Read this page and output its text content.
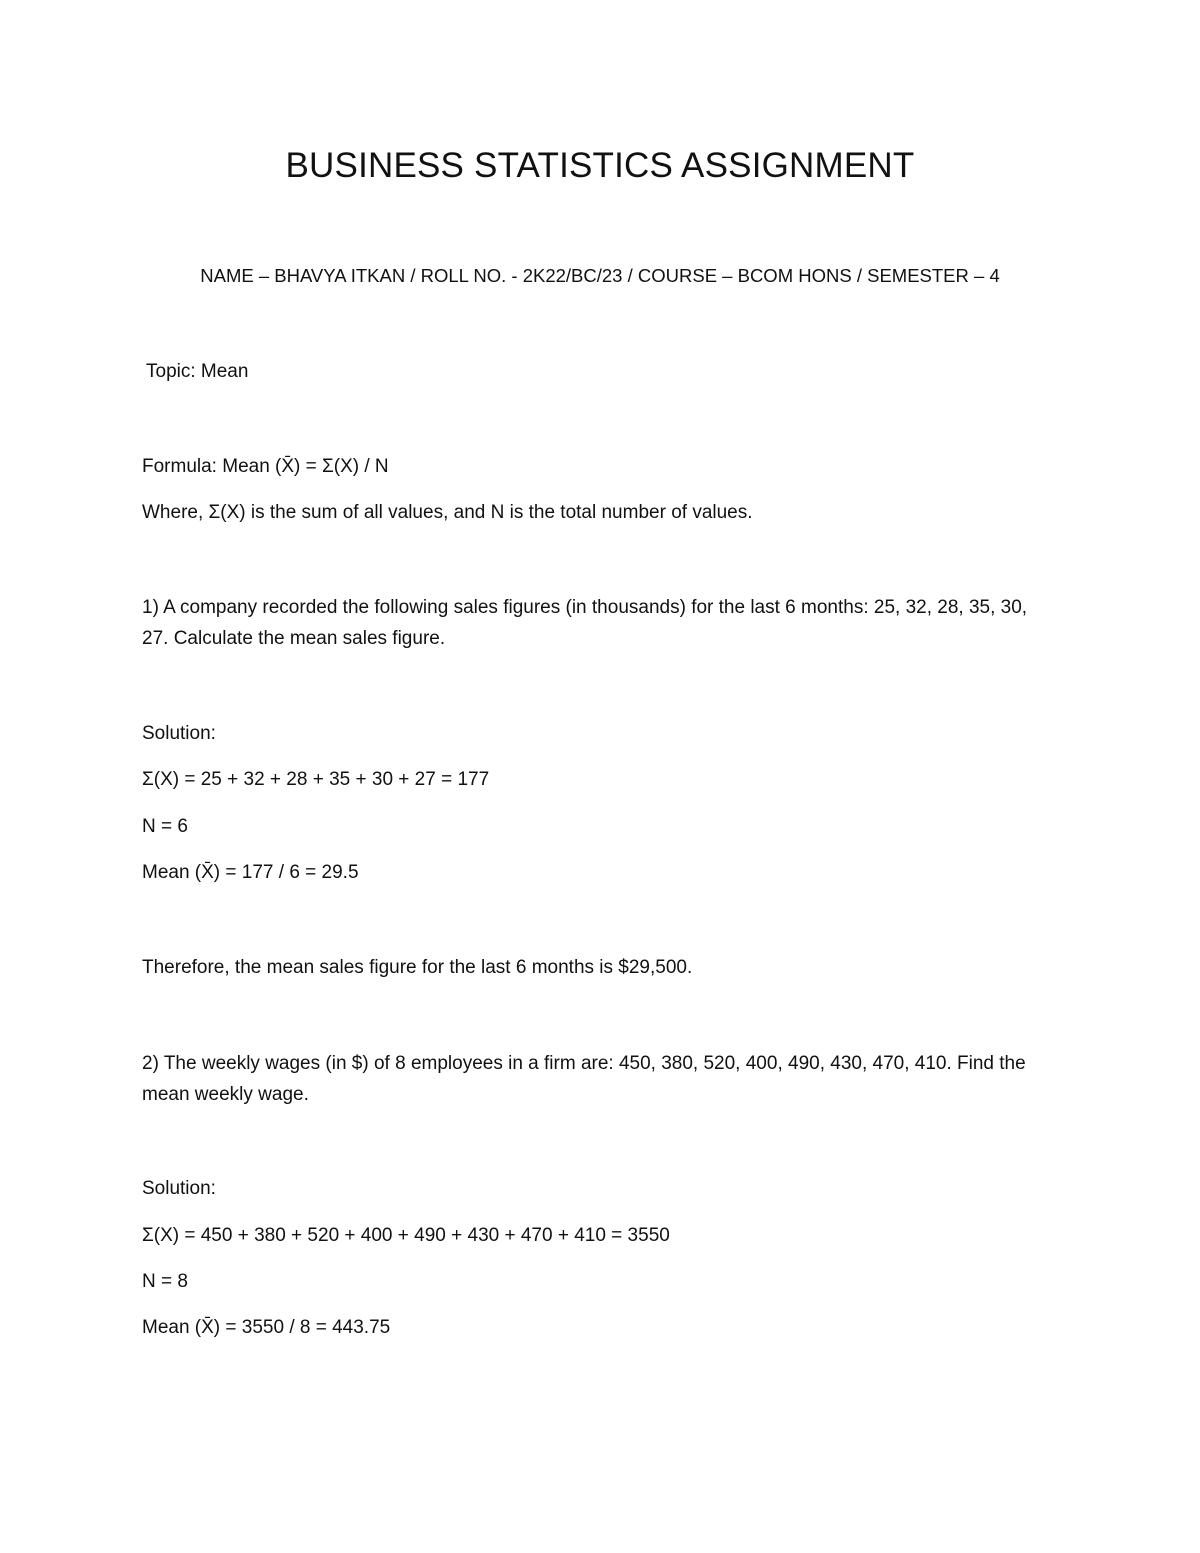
BUSINESS STATISTICS ASSIGNMENT
NAME – BHAVYA ITKAN / ROLL NO. - 2K22/BC/23 / COURSE – BCOM HONS / SEMESTER – 4
Topic: Mean
Formula: Mean (X̄) = Σ(X) / N
Where, Σ(X) is the sum of all values, and N is the total number of values.
1) A company recorded the following sales figures (in thousands) for the last 6 months: 25, 32, 28, 35, 30, 27. Calculate the mean sales figure.
Solution:
Σ(X) = 25 + 32 + 28 + 35 + 30 + 27 = 177
N = 6
Mean (X̄) = 177 / 6 = 29.5
Therefore, the mean sales figure for the last 6 months is $29,500.
2) The weekly wages (in $) of 8 employees in a firm are: 450, 380, 520, 400, 490, 430, 470, 410. Find the mean weekly wage.
Solution:
Σ(X) = 450 + 380 + 520 + 400 + 490 + 430 + 470 + 410 = 3550
N = 8
Mean (X̄) = 3550 / 8 = 443.75
